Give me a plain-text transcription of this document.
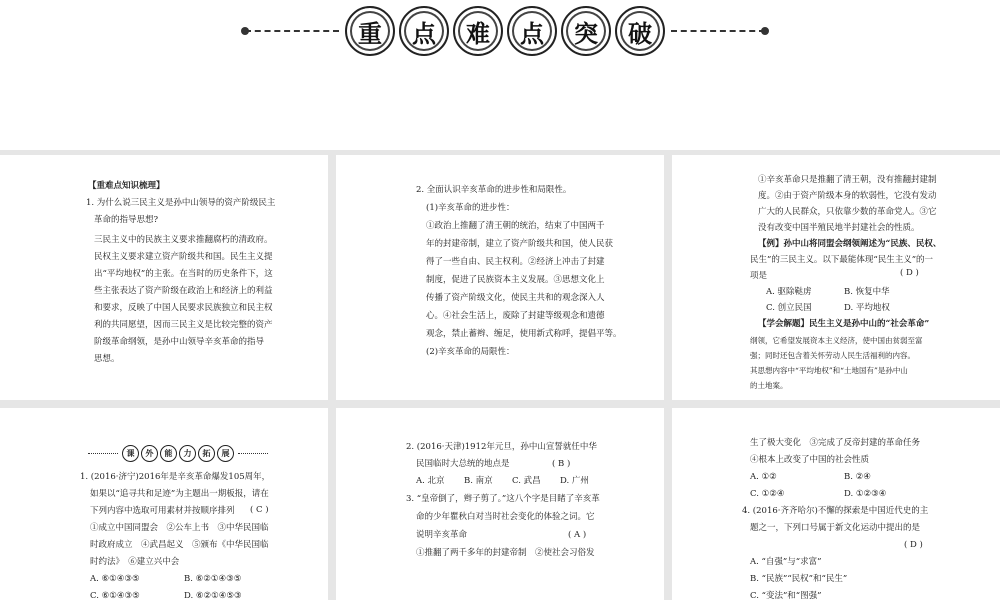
重	点	难	点	突	破
【重难点知识梳理】
1. 为什么说三民主义是孙中山领导的资产阶级民主
革命的指导思想?
三民主义中的民族主义要求推翻腐朽的清政府。
民权主义要求建立资产阶级共和国。民生主义提
出“平均地权”的主张。在当时的历史条件下，这
些主张表达了资产阶级在政治上和经济上的利益
和要求，反映了中国人民要求民族独立和民主权
利的共同愿望，因而三民主义是比较完整的资产
阶级革命纲领，是孙中山领导辛亥革命的指导
思想。
2. 全面认识辛亥革命的进步性和局限性。
(1)辛亥革命的进步性：
①政治上推翻了清王朝的统治，结束了中国两千
年的封建帝制，建立了资产阶级共和国，使人民获
得了一些自由、民主权利。②经济上冲击了封建
制度，促进了民族资本主义发展。③思想文化上
传播了资产阶级文化，使民主共和的观念深入人
心。④社会生活上，废除了封建等级观念和遗德
观念，禁止蓄辫、缠足，使用新式称呼，提倡平等。
(2)辛亥革命的局限性：
①辛亥革命只是推翻了清王朝，没有推翻封建制
度。②由于资产阶级本身的软弱性，它没有发动
广大的人民群众，只依靠少数的革命党人。③它
没有改变中国半殖民地半封建社会的性质。
【例】孙中山将同盟会纲领阐述为“民族、民权、
民生”的三民主义。以下最能体现“民生主义”的一
项是	( D )
A. 驱除鞑虏	B. 恢复中华
C. 创立民国	D. 平均地权
【学会解题】民生主义是孙中山的“社会革命”
纲领，它希望发展资本主义经济，使中国由贫弱至富
强；同时还包含着关怀劳动人民生活福利的内容。
其思想内容中“平均地权”和“土地国有”是孙中山
的土地案。
课	外	能	力	拓	展
1. (2016·济宁)2016年是辛亥革命爆发105周年，
如果以“追寻共和足迹”为主题出一期板报，请在
下列内容中选取可用素材并按顺序排列 ( C )
①成立中国同盟会　②公车上书　③中华民国临
时政府成立　④武昌起义　⑤颁布《中华民国临
时约法》　⑥建立兴中会
A. ⑥①④③⑤	B. ⑥②①④③⑤
C. ⑥①④③⑤	D. ⑥②①④⑤③
2. (2016·天津)1912年元旦，孙中山宣誓就任中华
民国临时大总统的地点是	( B )
A. 北京 B. 南京 C. 武昌 D. 广州
3. “皇帝倒了，辫子剪了。”这八个字是目睹了辛亥革
命的少年瞿秋白对当时社会变化的体验之词。它
说明辛亥革命	( A )
①推翻了两千多年的封建帝制　②使社会习俗发
生了极大变化　③完成了反帝封建的革命任务
④根本上改变了中国的社会性质
A. ①②	B. ②④
C. ①②④	D. ①②③④
4. (2016·齐齐哈尔)不懈的探索是中国近代史的主
题之一，下列口号属于新文化运动中提出的是
( D )
A. “自强”与“求富”
B. “民族”“民权”和“民生”
C. “变法”和“图强”
